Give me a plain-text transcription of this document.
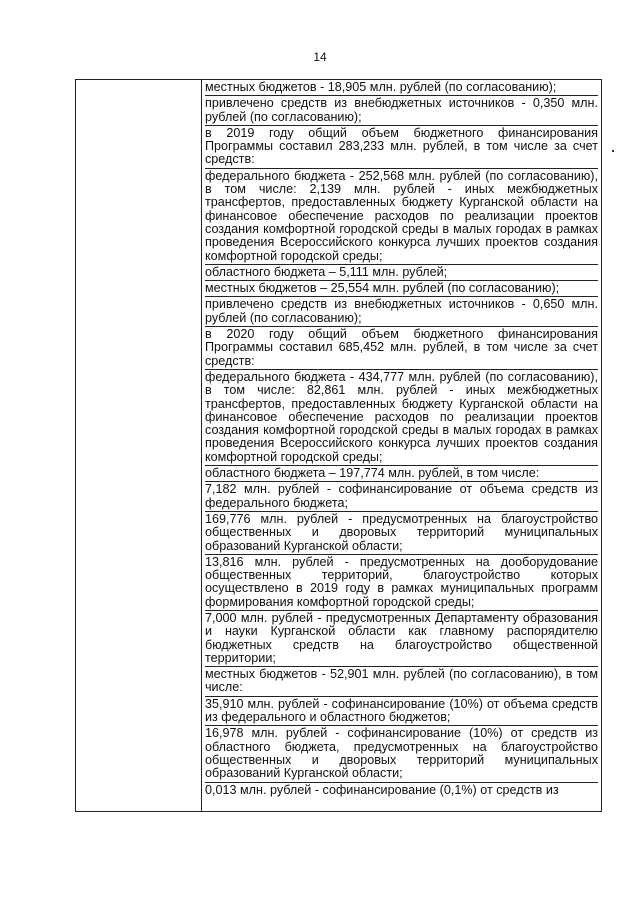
14

местных бюджетов - 18,905 млн. рублей (по согласованию);

привлечено средств из внебюджетных источников - 0,350 млн. рублей (по согласованию);

в 2019 году общий объем бюджетного финансирования Программы составил 283,233 млн. рублей, в том числе за счет средств:

федерального бюджета - 252,568 млн. рублей (по согласованию), в том числе: 2,139 млн. рублей - иных межбюджетных трансфертов, предоставленных бюджету Курганской области на финансовое обеспечение расходов по реализации проектов создания комфортной городской среды в малых городах в рамках проведения Всероссийского конкурса лучших проектов создания комфортной городской среды;

областного бюджета – 5,111 млн. рублей;

местных бюджетов – 25,554 млн. рублей (по согласованию);

привлечено средств из внебюджетных источников - 0,650 млн. рублей (по согласованию);

в 2020 году общий объем бюджетного финансирования Программы составил 685,452 млн. рублей, в том числе за счет средств:

федерального бюджета - 434,777 млн. рублей (по согласованию), в том числе: 82,861 млн. рублей - иных межбюджетных трансфертов, предоставленных бюджету Курганской области на финансовое обеспечение расходов по реализации проектов создания комфортной городской среды в малых городах в рамках проведения Всероссийского конкурса лучших проектов создания комфортной городской среды;

областного бюджета – 197,774 млн. рублей, в том числе:

7,182 млн. рублей - софинансирование от объема средств из федерального бюджета;

169,776 млн. рублей - предусмотренных на благоустройство общественных и дворовых территорий муниципальных образований Курганской области;

13,816 млн. рублей - предусмотренных на дооборудование общественных территорий, благоустройство которых осуществлено в 2019 году в рамках муниципальных программ формирования комфортной городской среды;

7,000 млн. рублей - предусмотренных Департаменту образования и науки Курганской области как главному распорядителю бюджетных средств на благоустройство общественной территории;

местных бюджетов - 52,901 млн. рублей (по согласованию), в том числе:

35,910 млн. рублей - софинансирование (10%) от объема средств из федерального и областного бюджетов;

16,978 млн. рублей - софинансирование (10%) от средств из областного бюджета, предусмотренных на благоустройство общественных и дворовых территорий муниципальных образований Курганской области;

0,013 млн. рублей - софинансирование (0,1%) от средств из
